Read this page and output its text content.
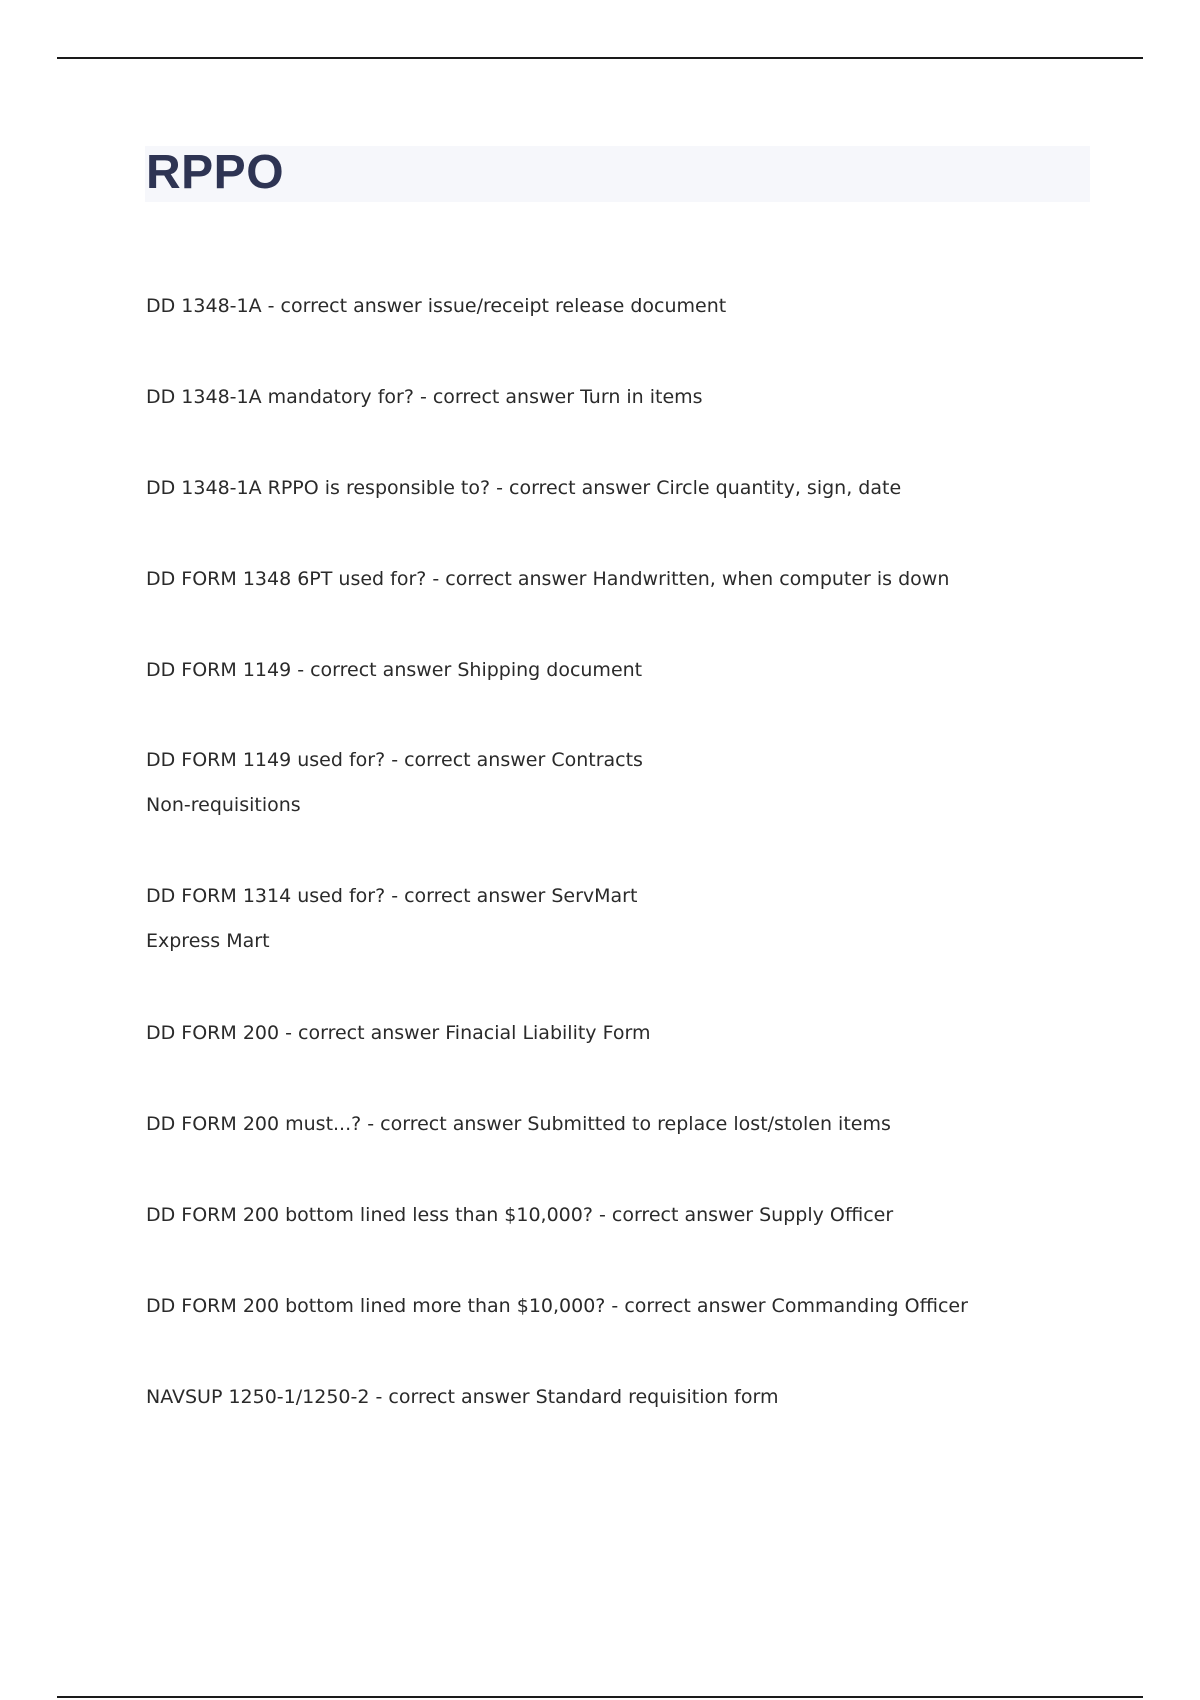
RPPO
DD 1348-1A - correct answer issue/receipt release document
DD 1348-1A mandatory for? - correct answer Turn in items
DD 1348-1A RPPO is responsible to? - correct answer Circle quantity, sign, date
DD FORM 1348 6PT used for? - correct answer Handwritten, when computer is down
DD FORM 1149 - correct answer Shipping document
DD FORM 1149 used for? - correct answer Contracts
Non-requisitions
DD FORM 1314 used for? - correct answer ServMart
Express Mart
DD FORM 200 - correct answer Finacial Liability Form
DD FORM 200 must...? - correct answer Submitted to replace lost/stolen items
DD FORM 200 bottom lined less than $10,000? - correct answer Supply Officer
DD FORM 200 bottom lined more than $10,000? - correct answer Commanding Officer
NAVSUP 1250-1/1250-2 - correct answer Standard requisition form
